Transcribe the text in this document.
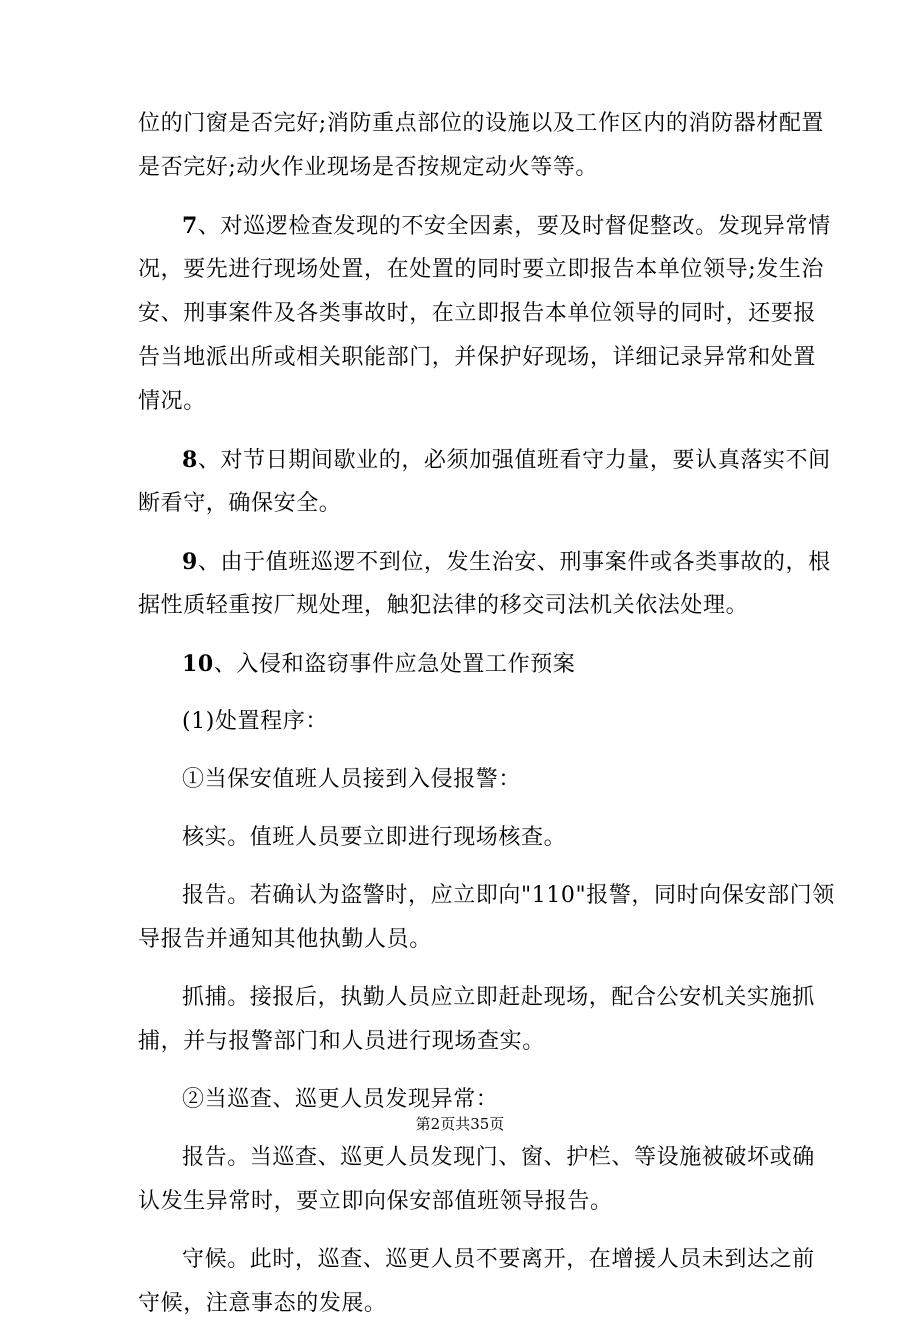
位的门窗是否完好;消防重点部位的设施以及工作区内的消防器材配置
是否完好;动火作业现场是否按规定动火等等。
7、对巡逻检查发现的不安全因素，要及时督促整改。发现异常情
况，要先进行现场处置，在处置的同时要立即报告本单位领导;发生治
安、刑事案件及各类事故时，在立即报告本单位领导的同时，还要报
告当地派出所或相关职能部门，并保护好现场，详细记录异常和处置
情况。
8、对节日期间歇业的，必须加强值班看守力量，要认真落实不间
断看守，确保安全。
9、由于值班巡逻不到位，发生治安、刑事案件或各类事故的，根
据性质轻重按厂规处理，触犯法律的移交司法机关依法处理。
10、入侵和盗窃事件应急处置工作预案
(1)处置程序：
①当保安值班人员接到入侵报警：
核实。值班人员要立即进行现场核查。
报告。若确认为盗警时，应立即向"110"报警，同时向保安部门领
导报告并通知其他执勤人员。
抓捕。接报后，执勤人员应立即赶赴现场，配合公安机关实施抓
捕，并与报警部门和人员进行现场查实。
②当巡查、巡更人员发现异常：
报告。当巡查、巡更人员发现门、窗、护栏、等设施被破坏或确
认发生异常时，要立即向保安部值班领导报告。
守候。此时，巡查、巡更人员不要离开，在增援人员未到达之前
守候，注意事态的发展。
第2页共35页
